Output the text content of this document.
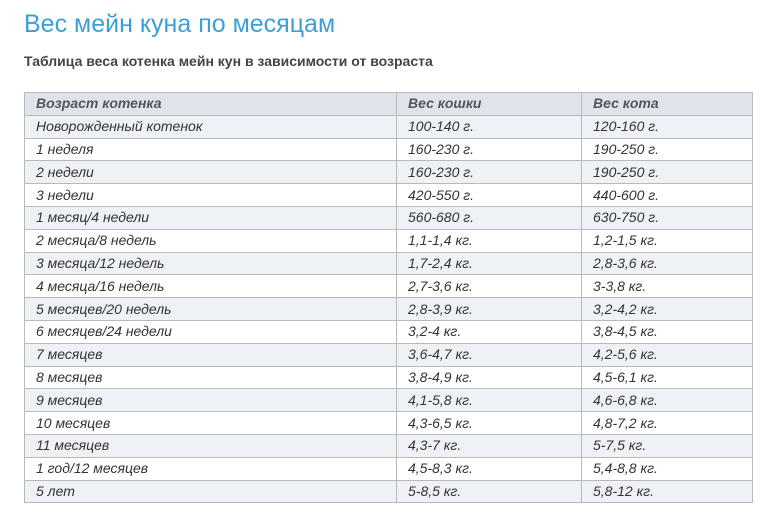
Вес мейн куна по месяцам
Таблица веса котенка мейн кун в зависимости от возраста
Возраст котенка	Вес кошки	Вес кота
Новорожденный котенок	100-140 г.	120-160 г.
1 неделя	160-230 г.	190-250 г.
2 недели	160-230 г.	190-250 г.
3 недели	420-550 г.	440-600 г.
1 месяц/4 недели	560-680 г.	630-750 г.
2 месяца/8 недель	1,1-1,4 кг.	1,2-1,5 кг.
3 месяца/12 недель	1,7-2,4 кг.	2,8-3,6 кг.
4 месяца/16 недель	2,7-3,6 кг.	3-3,8 кг.
5 месяцев/20 недель	2,8-3,9 кг.	3,2-4,2 кг.
6 месяцев/24 недели	3,2-4 кг.	3,8-4,5 кг.
7 месяцев	3,6-4,7 кг.	4,2-5,6 кг.
8 месяцев	3,8-4,9 кг.	4,5-6,1 кг.
9 месяцев	4,1-5,8 кг.	4,6-6,8 кг.
10 месяцев	4,3-6,5 кг.	4,8-7,2 кг.
11 месяцев	4,3-7 кг.	5-7,5 кг.
1 год/12 месяцев	4,5-8,3 кг.	5,4-8,8 кг.
5 лет	5-8,5 кг.	5,8-12 кг.
